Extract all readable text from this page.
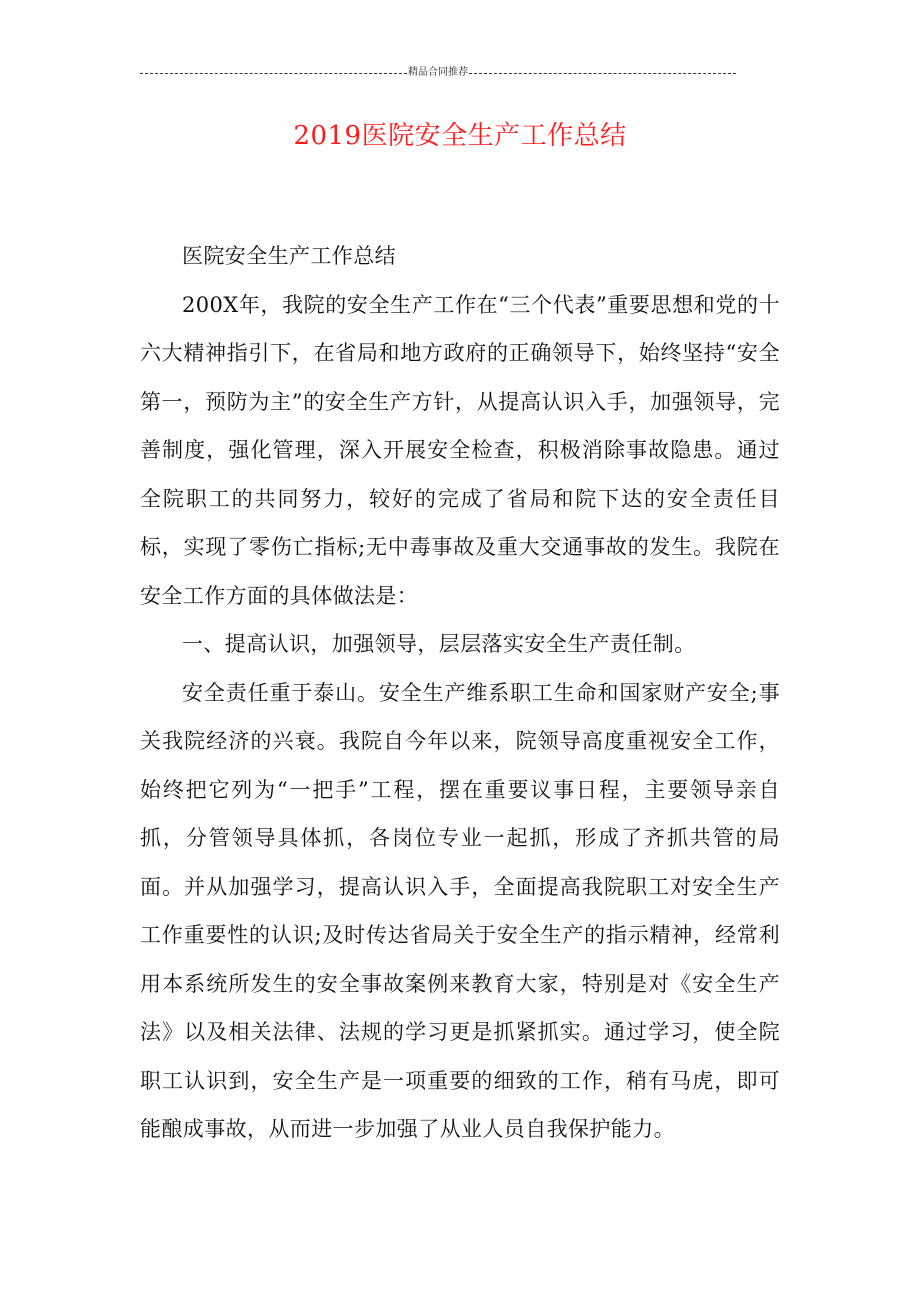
精品合同推荐
2019医院安全生产工作总结

医院安全生产工作总结

200X年，我院的安全生产工作在“三个代表”重要思想和党的十六大精神指引下，在省局和地方政府的正确领导下，始终坚持“安全第一，预防为主”的安全生产方针，从提高认识入手，加强领导，完善制度，强化管理，深入开展安全检查，积极消除事故隐患。通过全院职工的共同努力，较好的完成了省局和院下达的安全责任目标，实现了零伤亡指标;无中毒事故及重大交通事故的发生。我院在安全工作方面的具体做法是：

一、提高认识，加强领导，层层落实安全生产责任制。

安全责任重于泰山。安全生产维系职工生命和国家财产安全;事关我院经济的兴衰。我院自今年以来，院领导高度重视安全工作，始终把它列为“一把手”工程，摆在重要议事日程，主要领导亲自抓，分管领导具体抓，各岗位专业一起抓，形成了齐抓共管的局面。并从加强学习，提高认识入手，全面提高我院职工对安全生产工作重要性的认识;及时传达省局关于安全生产的指示精神，经常利用本系统所发生的安全事故案例来教育大家，特别是对《安全生产法》以及相关法律、法规的学习更是抓紧抓实。通过学习，使全院职工认识到，安全生产是一项重要的细致的工作，稍有马虎，即可能酿成事故，从而进一步加强了从业人员自我保护能力。
